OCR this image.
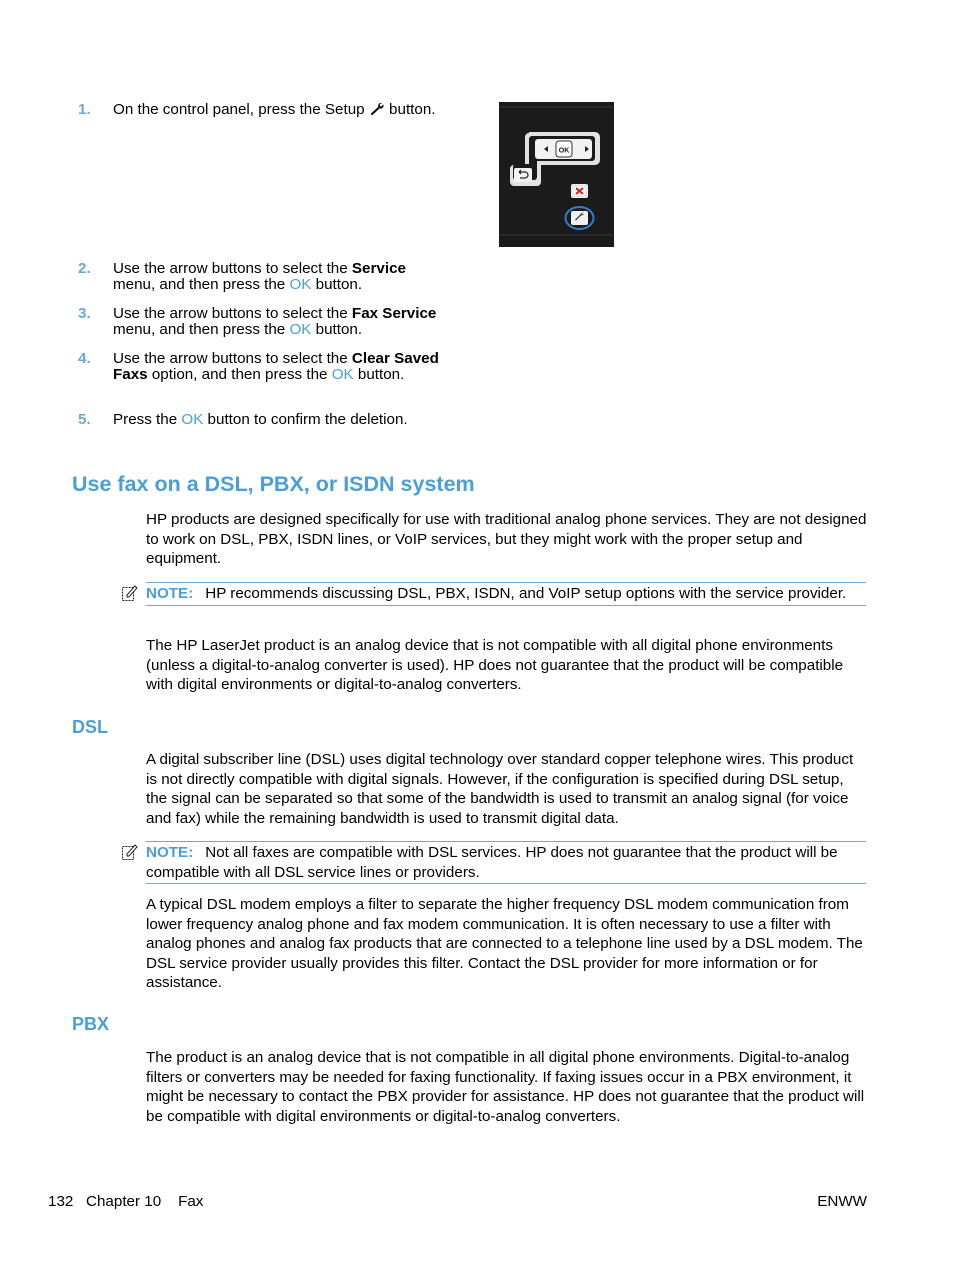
1. On the control panel, press the Setup  button.
OK
2. Use the arrow buttons to select the Service menu, and then press the OK button.
3. Use the arrow buttons to select the Fax Service menu, and then press the OK button.
4. Use the arrow buttons to select the Clear Saved Faxs option, and then press the OK button.
5. Press the OK button to confirm the deletion.
Use fax on a DSL, PBX, or ISDN system
HP products are designed specifically for use with traditional analog phone services. They are not designed to work on DSL, PBX, ISDN lines, or VoIP services, but they might work with the proper setup and equipment.
NOTE: HP recommends discussing DSL, PBX, ISDN, and VoIP setup options with the service provider.
The HP LaserJet product is an analog device that is not compatible with all digital phone environments (unless a digital-to-analog converter is used). HP does not guarantee that the product will be compatible with digital environments or digital-to-analog converters.
DSL
A digital subscriber line (DSL) uses digital technology over standard copper telephone wires. This product is not directly compatible with digital signals. However, if the configuration is specified during DSL setup, the signal can be separated so that some of the bandwidth is used to transmit an analog signal (for voice and fax) while the remaining bandwidth is used to transmit digital data.
NOTE: Not all faxes are compatible with DSL services. HP does not guarantee that the product will be compatible with all DSL service lines or providers.
A typical DSL modem employs a filter to separate the higher frequency DSL modem communication from lower frequency analog phone and fax modem communication. It is often necessary to use a filter with analog phones and analog fax products that are connected to a telephone line used by a DSL modem. The DSL service provider usually provides this filter. Contact the DSL provider for more information or for assistance.
PBX
The product is an analog device that is not compatible in all digital phone environments. Digital-to-analog filters or converters may be needed for faxing functionality. If faxing issues occur in a PBX environment, it might be necessary to contact the PBX provider for assistance. HP does not guarantee that the product will be compatible with digital environments or digital-to-analog converters.
132 Chapter 10 Fax	ENWW
